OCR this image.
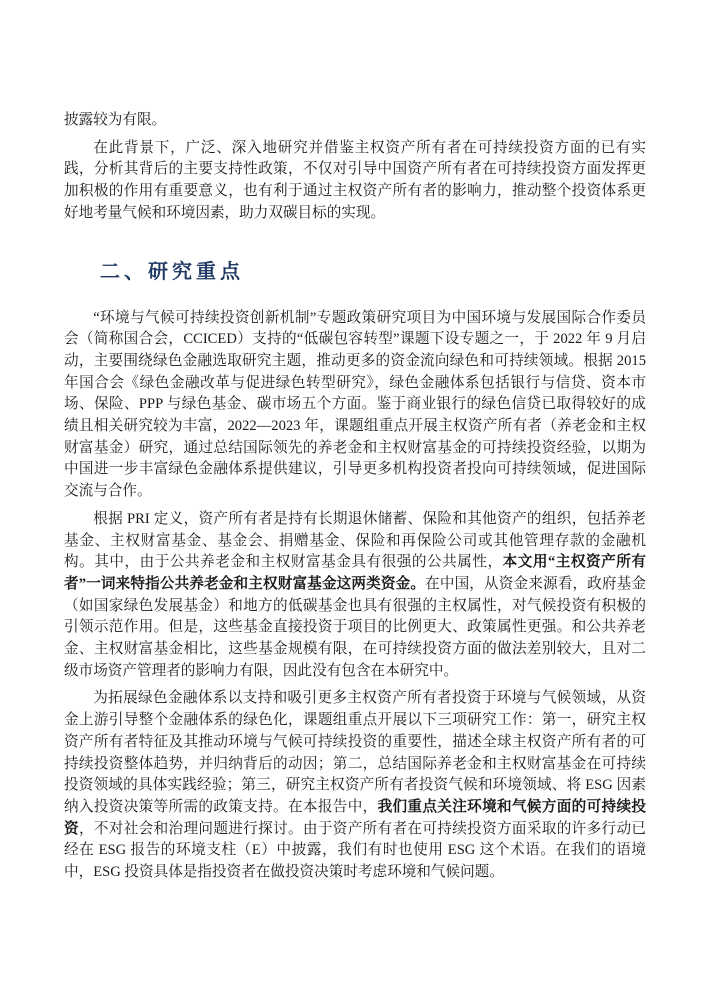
披露较为有限。

在此背景下，广泛、深入地研究并借鉴主权资产所有者在可持续投资方面的已有实践，分析其背后的主要支持性政策，不仅对引导中国资产所有者在可持续投资方面发挥更加积极的作用有重要意义，也有利于通过主权资产所有者的影响力，推动整个投资体系更好地考量气候和环境因素，助力双碳目标的实现。

二、研究重点

“环境与气候可持续投资创新机制”专题政策研究项目为中国环境与发展国际合作委员会（简称国合会，CCICED）支持的“低碳包容转型”课题下设专题之一，于 2022 年 9 月启动，主要围绕绿色金融选取研究主题，推动更多的资金流向绿色和可持续领域。根据 2015 年国合会《绿色金融改革与促进绿色转型研究》，绿色金融体系包括银行与信贷、资本市场、保险、PPP 与绿色基金、碳市场五个方面。鉴于商业银行的绿色信贷已取得较好的成绩且相关研究较为丰富，2022—2023 年，课题组重点开展主权资产所有者（养老金和主权财富基金）研究，通过总结国际领先的养老金和主权财富基金的可持续投资经验，以期为中国进一步丰富绿色金融体系提供建议，引导更多机构投资者投向可持续领域，促进国际交流与合作。

根据 PRI 定义，资产所有者是持有长期退休储蓄、保险和其他资产的组织，包括养老基金、主权财富基金、基金会、捐赠基金、保险和再保险公司或其他管理存款的金融机构。其中，由于公共养老金和主权财富基金具有很强的公共属性，本文用“主权资产所有者”一词来特指公共养老金和主权财富基金这两类资金。在中国，从资金来源看，政府基金（如国家绿色发展基金）和地方的低碳基金也具有很强的主权属性，对气候投资有积极的引领示范作用。但是，这些基金直接投资于项目的比例更大、政策属性更强。和公共养老金、主权财富基金相比，这些基金规模有限，在可持续投资方面的做法差别较大，且对二级市场资产管理者的影响力有限，因此没有包含在本研究中。

为拓展绿色金融体系以支持和吸引更多主权资产所有者投资于环境与气候领域，从资金上游引导整个金融体系的绿色化，课题组重点开展以下三项研究工作：第一，研究主权资产所有者特征及其推动环境与气候可持续投资的重要性，描述全球主权资产所有者的可持续投资整体趋势，并归纳背后的动因；第二，总结国际养老金和主权财富基金在可持续投资领域的具体实践经验；第三，研究主权资产所有者投资气候和环境领域、将 ESG 因素纳入投资决策等所需的政策支持。在本报告中，我们重点关注环境和气候方面的可持续投资，不对社会和治理问题进行探讨。由于资产所有者在可持续投资方面采取的许多行动已经在 ESG 报告的环境支柱（E）中披露，我们有时也使用 ESG 这个术语。在我们的语境中，ESG 投资具体是指投资者在做投资决策时考虑环境和气候问题。
